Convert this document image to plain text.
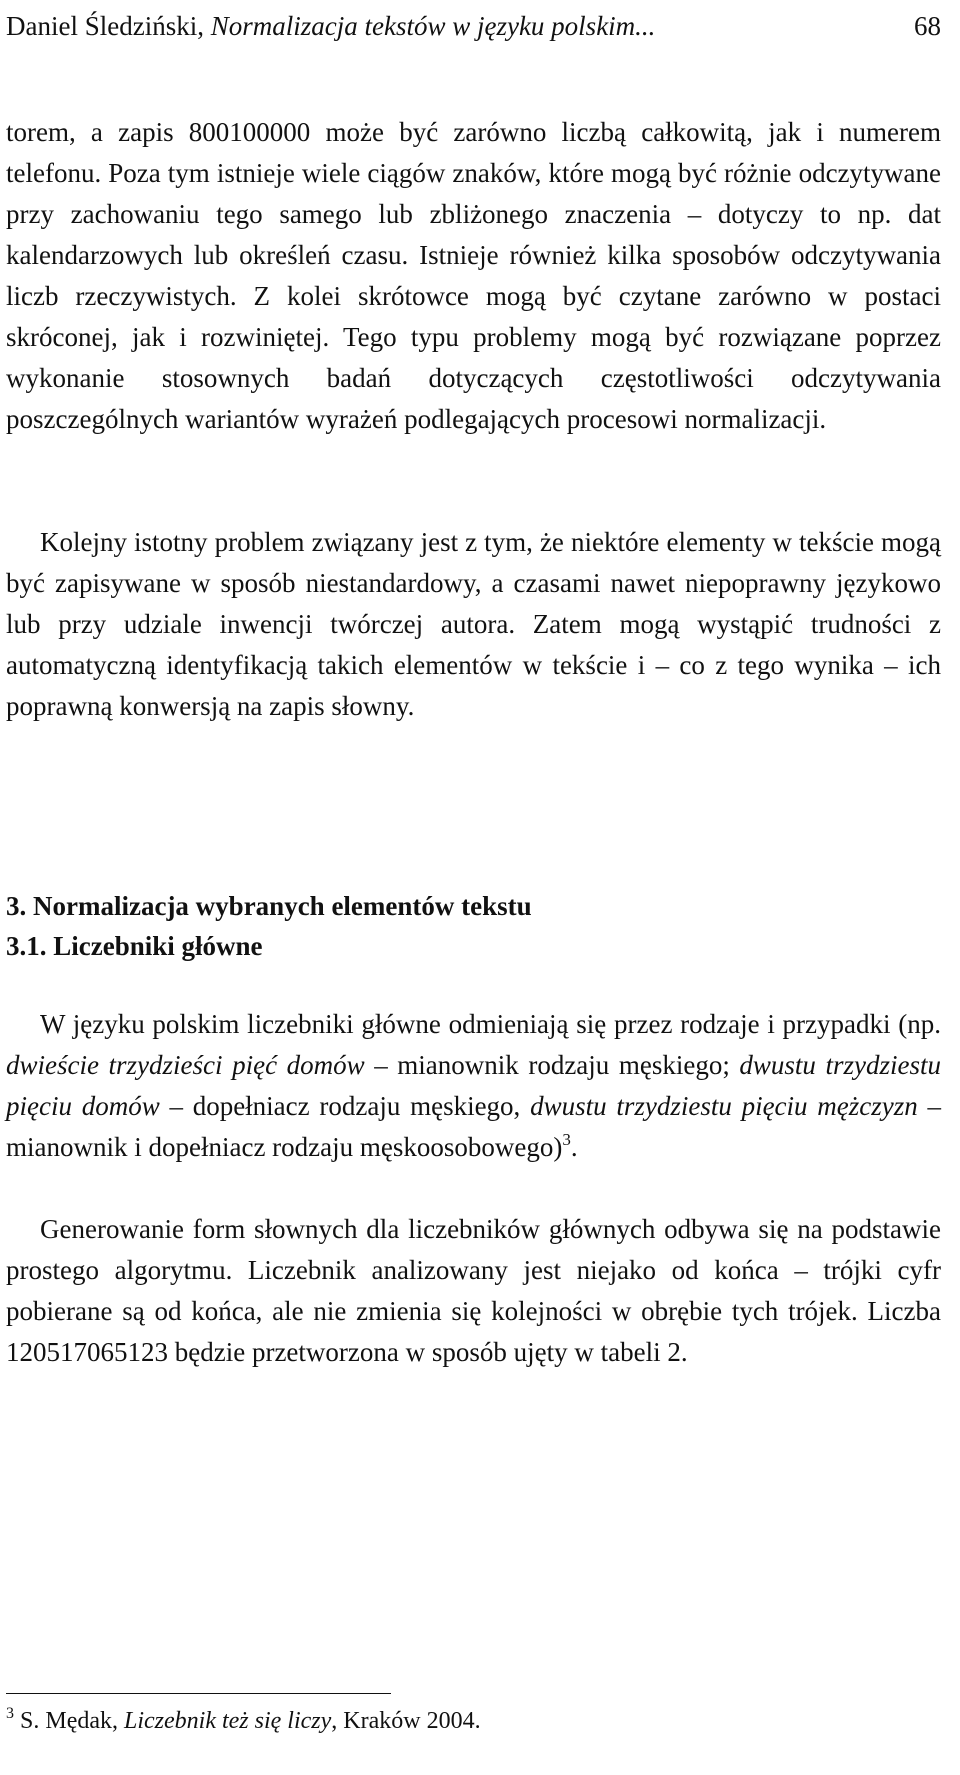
Daniel Śledziński, Normalizacja tekstów w języku polskim...	68

torem, a zapis 800100000 może być zarówno liczbą całkowitą, jak i numerem telefonu. Poza tym istnieje wiele ciągów znaków, które mogą być różnie odczytywane przy zachowaniu tego samego lub zbliżonego znaczenia – dotyczy to np. dat kalendarzowych lub określeń czasu. Istnieje również kilka sposobów odczytywania liczb rzeczywistych. Z kolei skrótowce mogą być czytane zarówno w postaci skróconej, jak i rozwiniętej. Tego typu problemy mogą być rozwiązane poprzez wykonanie stosownych badań dotyczących częstotliwości odczytywania poszczególnych wariantów wyrażeń podlegających procesowi normalizacji.

Kolejny istotny problem związany jest z tym, że niektóre elementy w tekście mogą być zapisywane w sposób niestandardowy, a czasami nawet niepoprawny językowo lub przy udziale inwencji twórczej autora. Zatem mogą wystąpić trudności z automatyczną identyfikacją takich elementów w tekście i – co z tego wynika – ich poprawną konwersją na zapis słowny.

3. Normalizacja wybranych elementów tekstu
3.1. Liczebniki główne

W języku polskim liczebniki główne odmieniają się przez rodzaje i przypadki (np. dwieście trzydzieści pięć domów – mianownik rodzaju męskiego; dwustu trzydziestu pięciu domów – dopełniacz rodzaju męskiego, dwustu trzydziestu pięciu mężczyzn – mianownik i dopełniacz rodzaju męskoosobowego)$^3$.

Generowanie form słownych dla liczebników głównych odbywa się na podstawie prostego algorytmu. Liczebnik analizowany jest niejako od końca – trójki cyfr pobierane są od końca, ale nie zmienia się kolejności w obrębie tych trójek. Liczba 120517065123 będzie przetworzona w sposób ujęty w tabeli 2.

$^3$ S. Mędak, Liczebnik też się liczy, Kraków 2004.
